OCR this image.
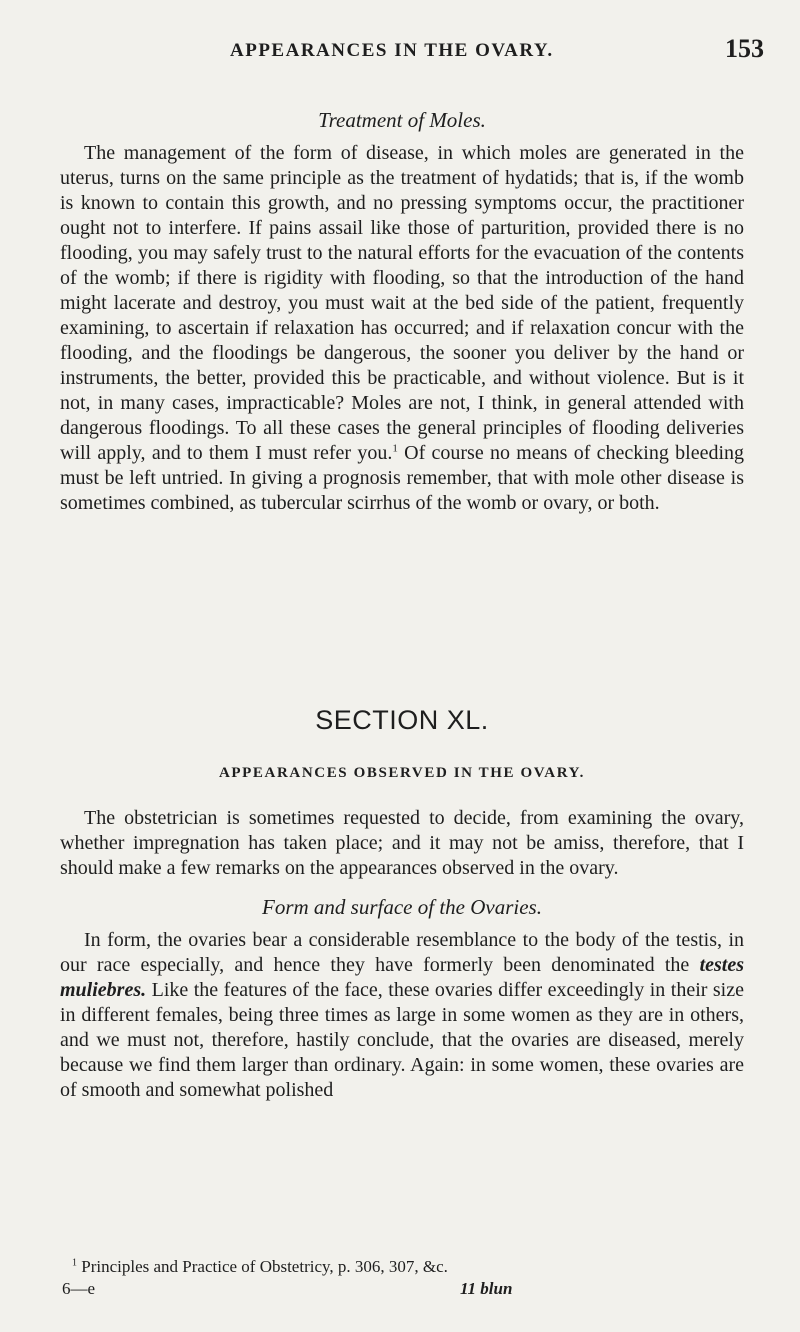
APPEARANCES IN THE OVARY.	153
Treatment of Moles.

The management of the form of disease, in which moles are generated in the uterus, turns on the same principle as the treatment of hydatids; that is, if the womb is known to contain this growth, and no pressing symptoms occur, the practitioner ought not to interfere. If pains assail like those of parturition, provided there is no flooding, you may safely trust to the natural efforts for the evacuation of the contents of the womb; if there is rigidity with flooding, so that the introduction of the hand might lacerate and destroy, you must wait at the bed side of the patient, frequently examining, to ascertain if relaxation has occurred; and if relaxation concur with the flooding, and the floodings be dangerous, the sooner you deliver by the hand or instruments, the better, provided this be practicable, and without violence. But is it not, in many cases, impracticable? Moles are not, I think, in general attended with dangerous floodings. To all these cases the general principles of flooding deliveries will apply, and to them I must refer you.$^1$ Of course no means of checking bleeding must be left untried. In giving a prognosis remember, that with mole other disease is sometimes combined, as tubercular scirrhus of the womb or ovary, or both.

SECTION XL.
APPEARANCES OBSERVED IN THE OVARY.

The obstetrician is sometimes requested to decide, from examining the ovary, whether impregnation has taken place; and it may not be amiss, therefore, that I should make a few remarks on the appearances observed in the ovary.

Form and surface of the Ovaries.

In form, the ovaries bear a considerable resemblance to the body of the testis, in our race especially, and hence they have formerly been denominated the testes muliebres. Like the features of the face, these ovaries differ exceedingly in their size in different females, being three times as large in some women as they are in others, and we must not, therefore, hastily conclude, that the ovaries are diseased, merely because we find them larger than ordinary. Again: in some women, these ovaries are of smooth and somewhat polished

$^1$ Principles and Practice of Obstetricy, p. 306, 307, &c.
6—e	11 blun
